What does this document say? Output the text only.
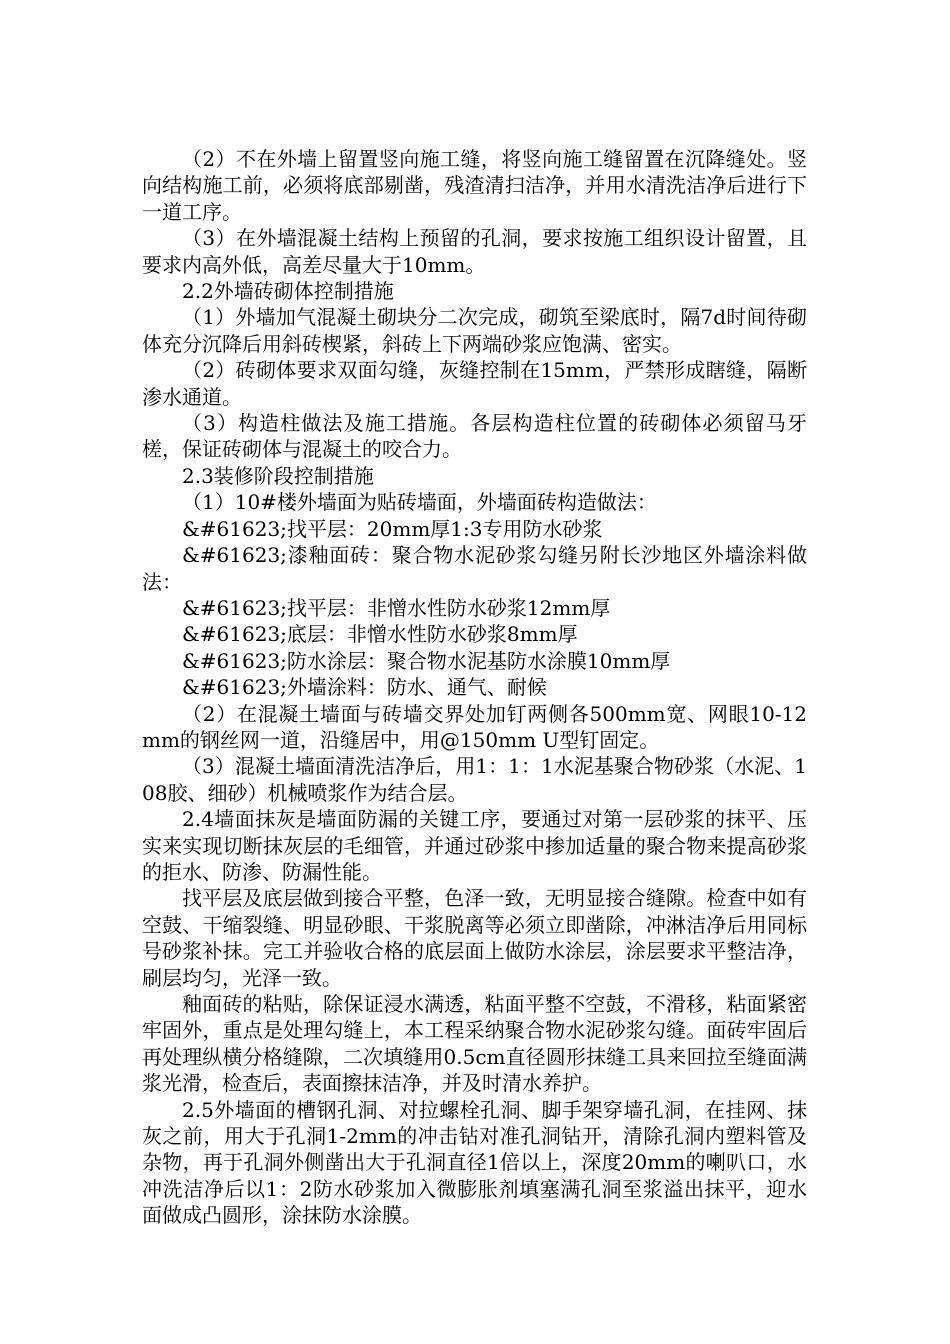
（2）不在外墙上留置竖向施工缝，将竖向施工缝留置在沉降缝处。竖向结构施工前，必须将底部剔凿，残渣清扫洁净，并用水清洗洁净后进行下一道工序。

（3）在外墙混凝土结构上预留的孔洞，要求按施工组织设计留置，且要求内高外低，高差尽量大于10mm。

2.2外墙砖砌体控制措施

（1）外墙加气混凝土砌块分二次完成，砌筑至梁底时，隔7d时间待砌体充分沉降后用斜砖楔紧，斜砖上下两端砂浆应饱满、密实。

（2）砖砌体要求双面勾缝，灰缝控制在15mm，严禁形成瞎缝，隔断渗水通道。

（3）构造柱做法及施工措施。各层构造柱位置的砖砌体必须留马牙槎，保证砖砌体与混凝土的咬合力。

2.3装修阶段控制措施

（1）10#楼外墙面为贴砖墙面，外墙面砖构造做法：

&#61623;找平层：20mm厚1:3专用防水砂浆

&#61623;漆釉面砖：聚合物水泥砂浆勾缝另附长沙地区外墙涂料做法：

&#61623;找平层：非憎水性防水砂浆12mm厚

&#61623;底层：非憎水性防水砂浆8mm厚

&#61623;防水涂层：聚合物水泥基防水涂膜10mm厚

&#61623;外墙涂料：防水、通气、耐候

（2）在混凝土墙面与砖墙交界处加钉两侧各500mm宽、网眼10-12 mm的钢丝网一道，沿缝居中，用@150mm U型钉固定。

（3）混凝土墙面清洗洁净后，用1：1：1水泥基聚合物砂浆（水泥、108胶、细砂）机械喷浆作为结合层。

2.4墙面抹灰是墙面防漏的关键工序，要通过对第一层砂浆的抹平、压实来实现切断抹灰层的毛细管，并通过砂浆中掺加适量的聚合物来提高砂浆的拒水、防渗、防漏性能。

找平层及底层做到接合平整，色泽一致，无明显接合缝隙。检查中如有空鼓、干缩裂缝、明显砂眼、干浆脱离等必须立即凿除，冲淋洁净后用同标号砂浆补抹。完工并验收合格的底层面上做防水涂层，涂层要求平整洁净，刷层均匀，光泽一致。

釉面砖的粘贴，除保证浸水满透，粘面平整不空鼓，不滑移，粘面紧密牢固外，重点是处理勾缝上，本工程采纳聚合物水泥砂浆勾缝。面砖牢固后再处理纵横分格缝隙，二次填缝用0.5cm直径圆形抹缝工具来回拉至缝面满浆光滑，检查后，表面擦抹洁净，并及时清水养护。

2.5外墙面的槽钢孔洞、对拉螺栓孔洞、脚手架穿墙孔洞，在挂网、抹灰之前，用大于孔洞1-2mm的冲击钻对准孔洞钻开，清除孔洞内塑料管及杂物，再于孔洞外侧凿出大于孔洞直径1倍以上，深度20mm的喇叭口，水冲洗洁净后以1：2防水砂浆加入微膨胀剂填塞满孔洞至浆溢出抹平，迎水面做成凸圆形，涂抹防水涂膜。
